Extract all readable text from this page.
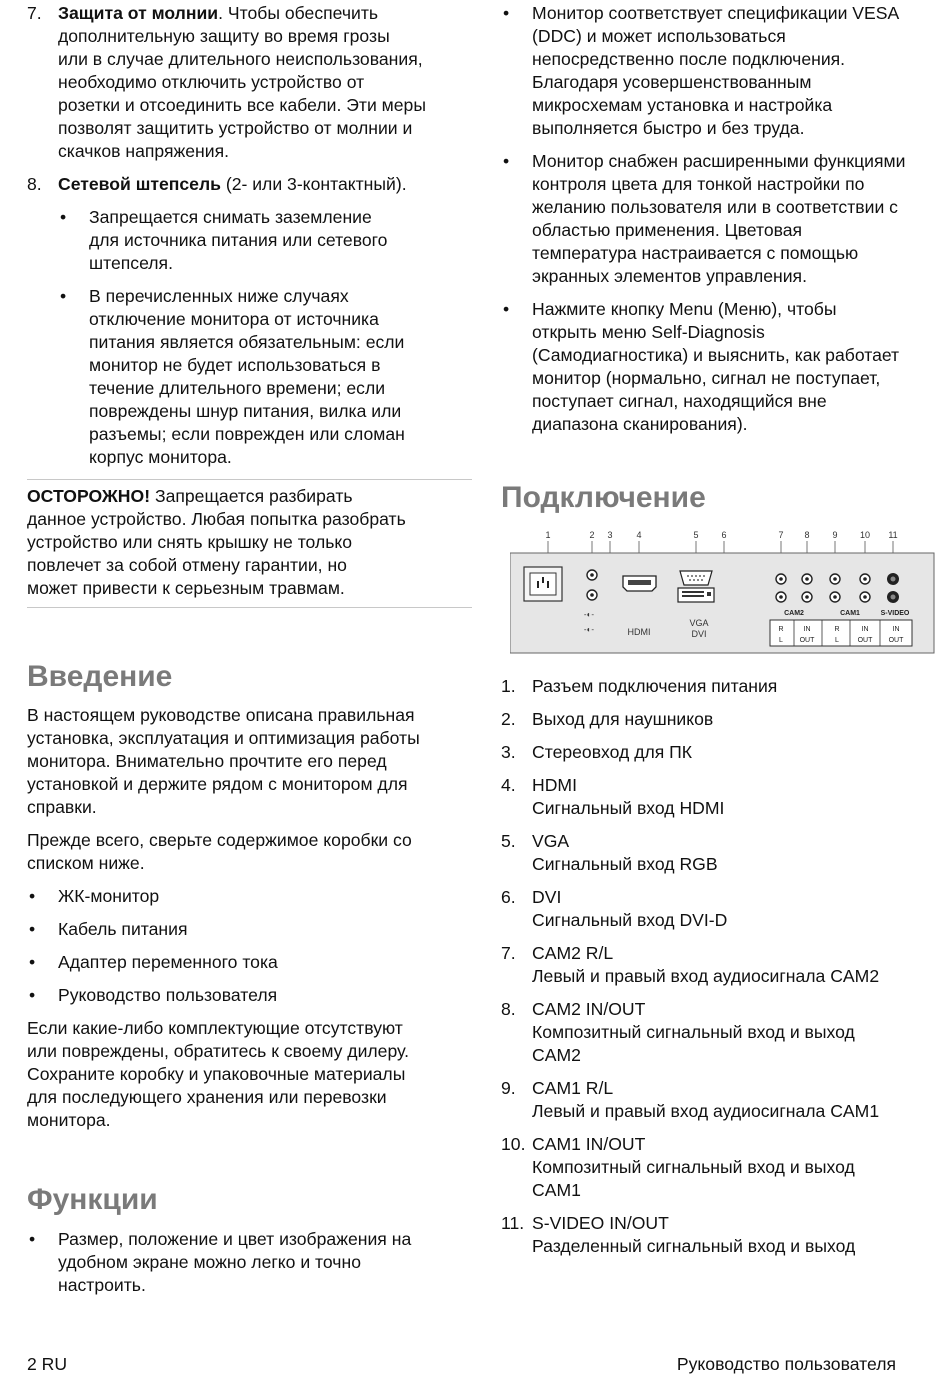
7. Защита от молнии. Чтобы обеспечить
дополнительную защиту во время грозы
или в случае длительного неиспользования,
необходимо отключить устройство от
розетки и отсоединить все кабели. Эти меры
позволят защитить устройство от молнии и
скачков напряжения.
8. Сетевой штепсель (2- или 3-контактный).
• Запрещается снимать заземление
для источника питания или сетевого
штепселя.
• В перечисленных ниже случаях
отключение монитора от источника
питания является обязательным: если
монитор не будет использоваться в
течение длительного времени; если
повреждены шнур питания, вилка или
разъемы; если поврежден или сломан
корпус монитора.
ОСТОРОЖНО! Запрещается разбирать
данное устройство. Любая попытка разобрать
устройство или снять крышку не только
повлечет за собой отмену гарантии, но
может привести к серьезным травмам.
Введение
В настоящем руководстве описана правильная
установка, эксплуатация и оптимизация работы
монитора. Внимательно прочтите его перед
установкой и держите рядом с монитором для
справки.
Прежде всего, сверьте содержимое коробки со
списком ниже.
• ЖК-монитор
• Кабель питания
• Адаптер переменного тока
• Руководство пользователя
Если какие-либо комплектующие отсутствуют
или повреждены, обратитесь к своему дилеру.
Сохраните коробку и упаковочные материалы
для последующего хранения или перевозки
монитора.
Функции
• Размер, положение и цвет изображения на
удобном экране можно легко и точно
настроить.
• Монитор соответствует спецификации VESA
(DDC) и может использоваться
непосредственно после подключения.
Благодаря усовершенствованным
микросхемам установка и настройка
выполняется быстро и без труда.
• Монитор снабжен расширенными функциями
контроля цвета для тонкой настройки по
желанию пользователя или в соответствии с
областью применения. Цветовая
температура настраивается с помощью
экранных элементов управления.
• Нажмите кнопку Menu (Меню), чтобы
открыть меню Self-Diagnosis
(Самодиагностика) и выяснить, как работает
монитор (нормально, сигнал не поступает,
поступает сигнал, находящийся вне
диапазона сканирования).
Подключение
1	2 3	4	5	6	7 8	9 10 11
-◐-
-◐-	HDMI
VGA
DVI
CAM2	CAM1	S-VIDEO
R
L
IN
OUT
R
L
IN
OUT
IN
OUT
1. Разъем подключения питания
2. Выход для наушников
3. Стереовход для ПК
4. HDMI
Сигнальный вход HDMI
5. VGA
Сигнальный вход RGB
6. DVI
Сигнальный вход DVI-D
7. CAM2 R/L
Левый и правый вход аудиосигнала CAM2
8. CAM2 IN/OUT
Композитный сигнальный вход и выход
CAM2
9. CAM1 R/L
Левый и правый вход аудиосигнала CAM1
10. CAM1 IN/OUT
Композитный сигнальный вход и выход
CAM1
11. S-VIDEO IN/OUT
Разделенный сигнальный вход и выход
2 RU	Руководство пользователя
